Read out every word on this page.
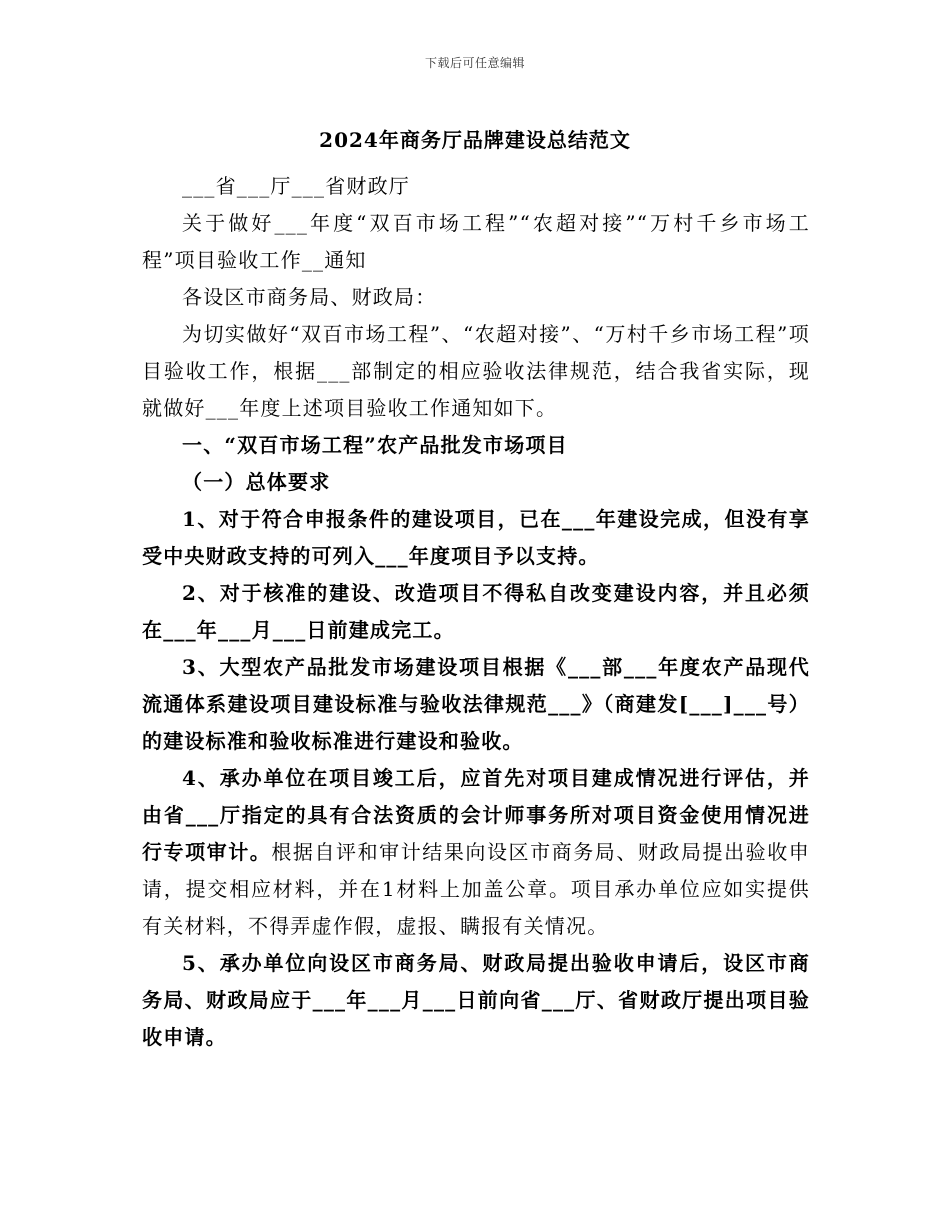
下载后可任意编辑
2024年商务厅品牌建设总结范文

___省___厅___省财政厅

关于做好___年度“双百市场工程”“农超对接”“万村千乡市场工程”项目验收工作__通知

各设区市商务局、财政局：

为切实做好“双百市场工程”、“农超对接”、“万村千乡市场工程”项目验收工作，根据___部制定的相应验收法律规范，结合我省实际，现就做好___年度上述项目验收工作通知如下。

一、“双百市场工程”农产品批发市场项目

（一）总体要求

1、对于符合申报条件的建设项目，已在___年建设完成，但没有享受中央财政支持的可列入___年度项目予以支持。

2、对于核准的建设、改造项目不得私自改变建设内容，并且必须在___年___月___日前建成完工。

3、大型农产品批发市场建设项目根据《___部___年度农产品现代流通体系建设项目建设标准与验收法律规范___》（商建发[___]___号）的建设标准和验收标准进行建设和验收。

4、承办单位在项目竣工后，应首先对项目建成情况进行评估，并由省___厅指定的具有合法资质的会计师事务所对项目资金使用情况进行专项审计。根据自评和审计结果向设区市商务局、财政局提出验收申请，提交相应材料，并在1材料上加盖公章。项目承办单位应如实提供有关材料，不得弄虚作假，虚报、瞒报有关情况。

5、承办单位向设区市商务局、财政局提出验收申请后，设区市商务局、财政局应于___年___月___日前向省___厅、省财政厅提出项目验收申请。
